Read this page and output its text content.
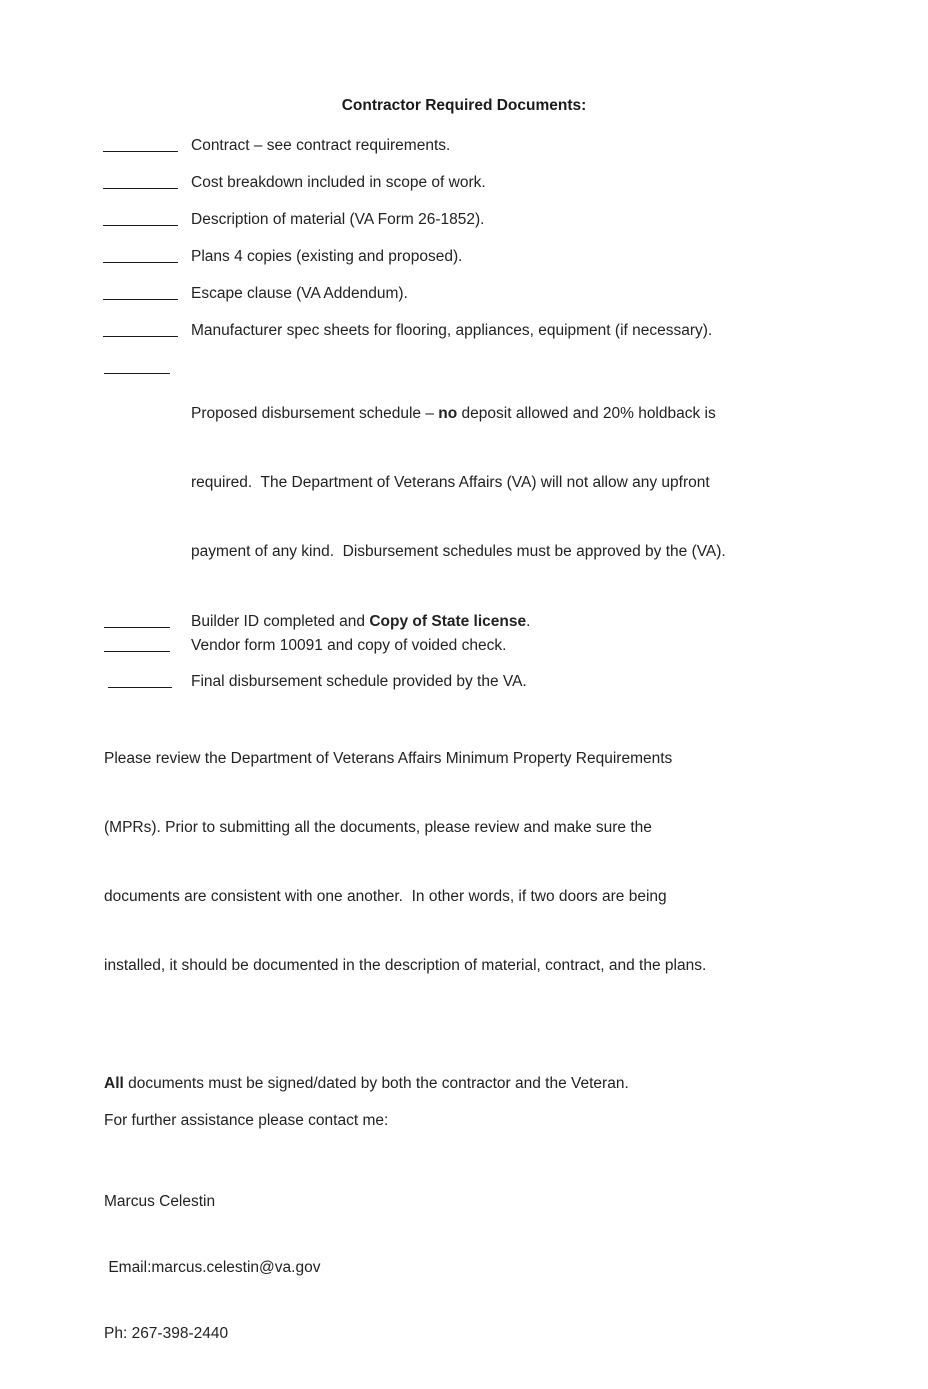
Contractor Required Documents:
Contract – see contract requirements.
Cost breakdown included in scope of work.
Description of material (VA Form 26-1852).
Plans 4 copies (existing and proposed).
Escape clause (VA Addendum).
Manufacturer spec sheets for flooring, appliances, equipment (if necessary).

Proposed disbursement schedule – no deposit allowed and 20% holdback is

required.  The Department of Veterans Affairs (VA) will not allow any upfront

payment of any kind.  Disbursement schedules must be approved by the (VA).

Builder ID completed and Copy of State license.
Vendor form 10091 and copy of voided check.
Final disbursement schedule provided by the VA.

Please review the Department of Veterans Affairs Minimum Property Requirements

(MPRs). Prior to submitting all the documents, please review and make sure the

documents are consistent with one another.  In other words, if two doors are being

installed, it should be documented in the description of material, contract, and the plans.

All documents must be signed/dated by both the contractor and the Veteran.
For further assistance please contact me:

Marcus Celestin

Email:marcus.celestin@va.gov

Ph: 267-398-2440
